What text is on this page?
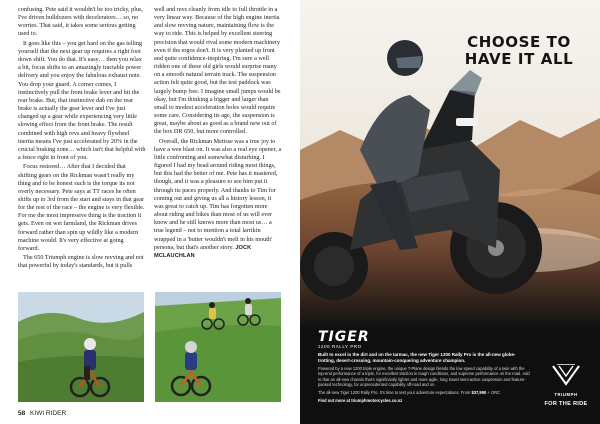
confusing. Pete said it wouldn't be too tricky, plus, I've driven bulldozers with decelerators… so, no worries. That said, it takes some serious getting used to.

It goes like this – you get hard on the gas telling yourself that the next gear up requires a right foot down shift. You do that. It's easy… then you relax a bit, focus shifts to an amazingly tractable power delivery and you enjoy the fabulous exhaust note. You drop your guard. A corner comes, I instinctively pull the front brake lever and hit the rear brake. But, that instinctive dab on the rear brake is actually the gear lever and I've just changed up a gear while experiencing very little slowing effect from the front brake. The result combined with high revs and heavy flywheel inertia means I've just accelerated by 20% in the crucial braking zone… which isn't that helpful with a fence right in front of you.

Focus restored… After that I decided that shifting gears on the Rickman wasn't really my thing and to be honest such is the torque its not overly necessary. Pete says at TT races he often shifts up to 3rd from the start and stays in that gear for the rest of the race – the engine is very flexible. For me the most impressive thing is the traction it gets. Even on wet farmland, the Rickman drives forward rather than spin up wildly like a modern machine would. It's very effective at going forward.

The 650 Triumph engine is slow revving and not that powerful by today's standards, but it pulls

well and revs cleanly from idle to full throttle in a very linear way. Because of the high engine inertia and slow revving nature, maintaining flow is the way to ride. This is helped by excellent steering precision that would rival some modern machinery even if the ergos don't. It is very planted up front and quite confidence-inspiring. I'm sure a well ridden one of these old girls would surprise many on a smooth natural terrain track. The suspension action felt quite good, but the test paddock was largely bump free. I imagine small jumps would be okay, but I'm thinking a bigger and larger than small to modest acceleration holes would require some care. Considering its age, the suspension is great, maybe about as good as a brand new out of the box DR 650, but more controlled.

Overall, the Rickman Metisse was a true joy to have a wee blast on. It was also a real eye opener, a little confronting and somewhat disturbing. I figured I had my head around riding most things, but this had the better of me. Pete has it mastered, though, and it was a pleasure to see him put it through its paces properly. And thanks to Tim for coming out and giving us all a history lesson, it was great to catch up. Tim has forgotten more about riding and bikes than most of us will ever know and he still knows more than most us… a true legend – not to mention a total larrikin wrapped in a 'butter wouldn't melt in his mouth' persona, but that's another story. JOCK MCLAUCHLAN

58 KIWI RIDER
CHOOSE TO
HAVE IT ALL
TIGER
1200 RALLY PRO

Built to excel in the dirt and on the tarmac, the new Tiger 1200 Rally Pro is the all-new globe-trotting, desert-crossing, mountain-conquering adventure champion.

Powered by a new 1200 triple engine, the unique T-Plane design blends the low speed capability of a twin with the top-end performance of a triple, for excellent traction in tough conditions, and supreme performance on the road. Add to that an all-new chassis that's significantly lighter and more agile, long travel semi-active suspension and feature-packed technology, for unprecedented capability off-road and on.

The all-new Tiger 1200 Rally Pro. It's time to test your adventure expectations. From $37,990 + ORC

Find out more at triumphmotorcycles.co.nz

TRIUMPH
FOR THE RIDE
